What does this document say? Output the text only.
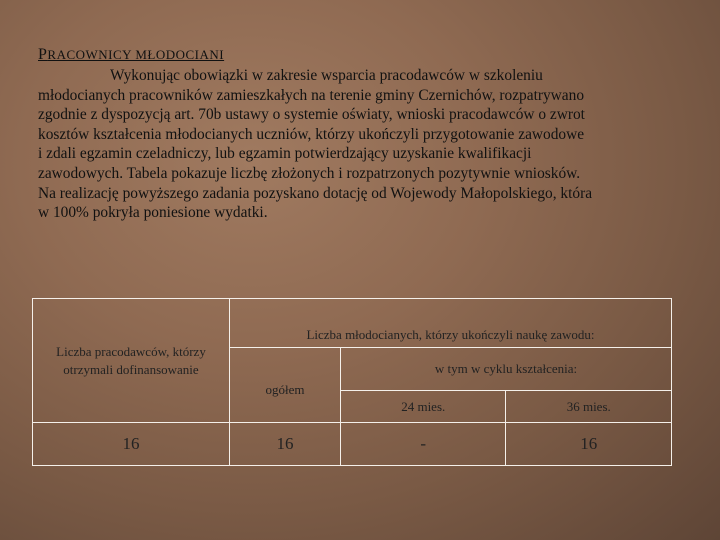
PRACOWNICY MŁODOCIANI
Wykonując obowiązki w zakresie wsparcia pracodawców w szkoleniu
młodocianych pracowników zamieszkałych na terenie gminy Czernichów, rozpatrywano
zgodnie z dyspozycją art. 70b ustawy o systemie oświaty, wnioski pracodawców o zwrot
kosztów kształcenia młodocianych uczniów, którzy ukończyli przygotowanie zawodowe
i zdali egzamin czeladniczy, lub egzamin potwierdzający uzyskanie kwalifikacji
zawodowych. Tabela pokazuje liczbę złożonych i rozpatrzonych pozytywnie wniosków.
Na realizację powyższego zadania pozyskano dotację od Wojewody Małopolskiego, która
w 100% pokryła poniesione wydatki.
Liczba pracodawców, którzy otrzymali dofinansowanie	Liczba młodocianych, którzy ukończyli naukę zawodu:		
	ogółem	w tym w cyklu kształcenia:	
		24 mies.	36 mies.
16	16	-	16
